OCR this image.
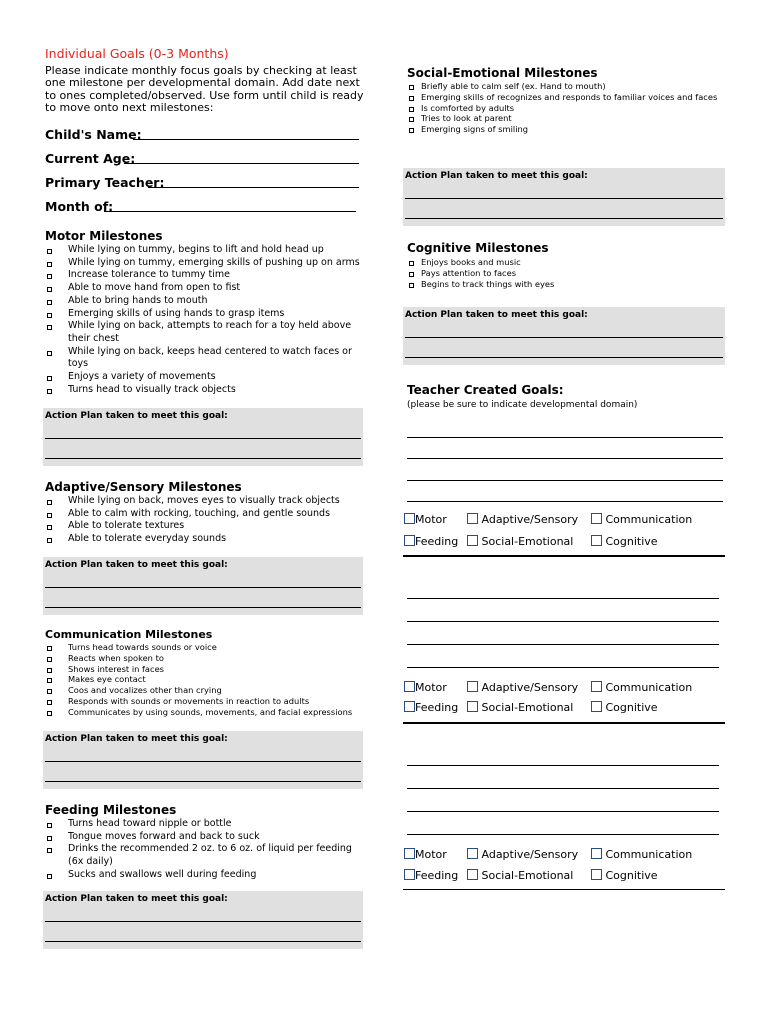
Individual Goals (0-3 Months)
Please indicate monthly focus goals by checking at least one milestone per developmental domain. Add date next to ones completed/observed. Use form until child is ready to move onto next milestones:
Child's Name:
Current Age:
Primary Teacher:
Month of:
Motor Milestones
While lying on tummy, begins to lift and hold head up
While lying on tummy, emerging skills of pushing up on arms
Increase tolerance to tummy time
Able to move hand from open to fist
Able to bring hands to mouth
Emerging skills of using hands to grasp items
While lying on back, attempts to reach for a toy held above their chest
While lying on back, keeps head centered to watch faces or toys
Enjoys a variety of movements
Turns head to visually track objects
Action Plan taken to meet this goal:
Adaptive/Sensory Milestones
While lying on back, moves eyes to visually track objects
Able to calm with rocking, touching, and gentle sounds
Able to tolerate textures
Able to tolerate everyday sounds
Action Plan taken to meet this goal:
Communication Milestones
Turns head towards sounds or voice
Reacts when spoken to
Shows interest in faces
Makes eye contact
Coos and vocalizes other than crying
Responds with sounds or movements in reaction to adults
Communicates by using sounds, movements, and facial expressions
Action Plan taken to meet this goal:
Feeding Milestones
Turns head toward nipple or bottle
Tongue moves forward and back to suck
Drinks the recommended 2 oz. to 6 oz. of liquid per feeding (6x daily)
Sucks and swallows well during feeding
Action Plan taken to meet this goal:
Social-Emotional Milestones
Briefly able to calm self (ex. Hand to mouth)
Emerging skills of recognizes and responds to familiar voices and faces
Is comforted by adults
Tries to look at parent
Emerging signs of smiling
Action Plan taken to meet this goal:
Cognitive Milestones
Enjoys books and music
Pays attention to faces
Begins to track things with eyes
Action Plan taken to meet this goal:
Teacher Created Goals:
(please be sure to indicate developmental domain)
Motor	Adaptive/Sensory	Communication
Feeding	Social-Emotional	Cognitive
Motor	Adaptive/Sensory	Communication
Feeding	Social-Emotional	Cognitive
Motor	Adaptive/Sensory	Communication
Feeding	Social-Emotional	Cognitive
